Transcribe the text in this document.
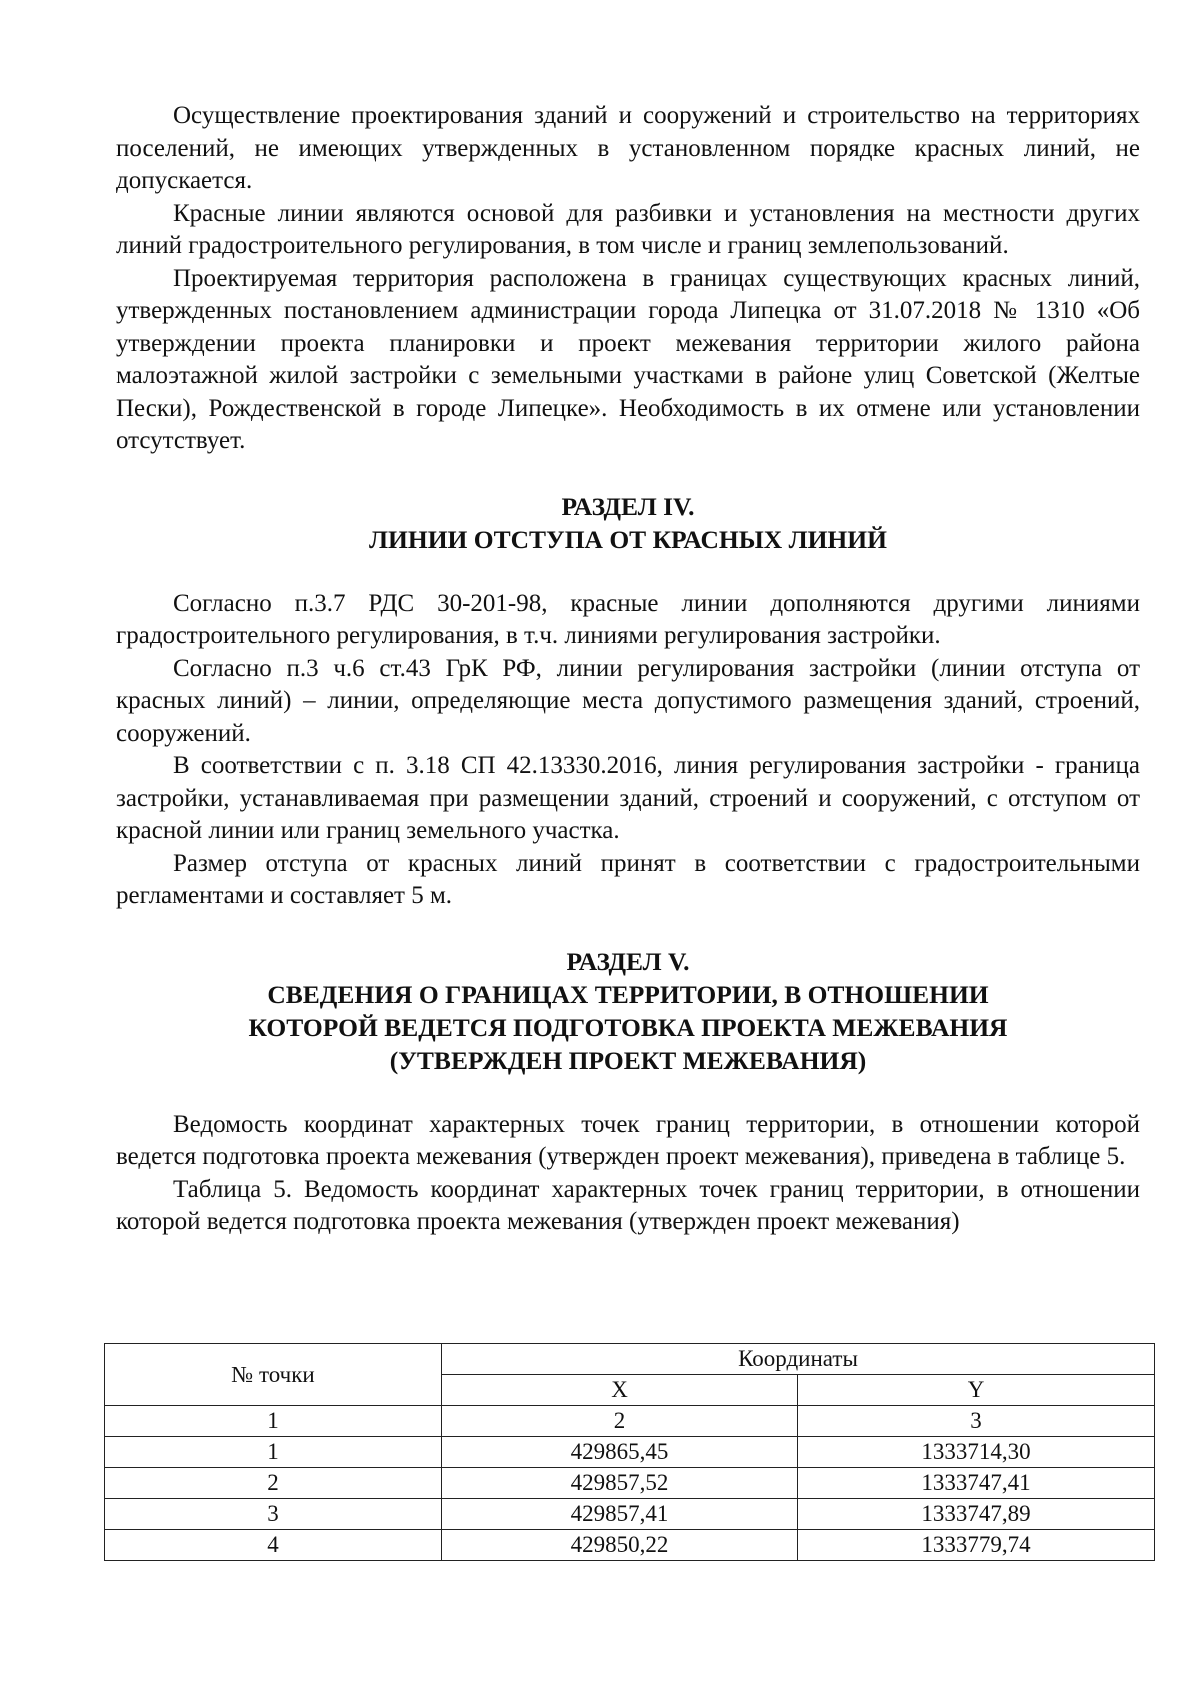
Осуществление проектирования зданий и сооружений и строительство на территориях поселений, не имеющих утвержденных в установленном порядке красных линий, не допускается.

Красные линии являются основой для разбивки и установления на местности других линий градостроительного регулирования, в том числе и границ землепользований.

Проектируемая территория расположена в границах существующих красных линий, утвержденных постановлением администрации города Липецка от 31.07.2018 № 1310 «Об утверждении проекта планировки и проект межевания территории жилого района малоэтажной жилой застройки с земельными участками в районе улиц Советской (Желтые Пески), Рождественской в городе Липецке». Необходимость в их отмене или установлении отсутствует.

РАЗДЕЛ IV.
ЛИНИИ ОТСТУПА ОТ КРАСНЫХ ЛИНИЙ

Согласно п.3.7 РДС 30-201-98, красные линии дополняются другими линиями градостроительного регулирования, в т.ч. линиями регулирования застройки.

Согласно п.3 ч.6 ст.43 ГрК РФ, линии регулирования застройки (линии отступа от красных линий) – линии, определяющие места допустимого размещения зданий, строений, сооружений.

В соответствии с п. 3.18 СП 42.13330.2016, линия регулирования застройки - граница застройки, устанавливаемая при размещении зданий, строений и сооружений, с отступом от красной линии или границ земельного участка.

Размер отступа от красных линий принят в соответствии с градостроительными регламентами и составляет 5 м.

РАЗДЕЛ V.
СВЕДЕНИЯ О ГРАНИЦАХ ТЕРРИТОРИИ, В ОТНОШЕНИИ
КОТОРОЙ ВЕДЕТСЯ ПОДГОТОВКА ПРОЕКТА МЕЖЕВАНИЯ
(УТВЕРЖДЕН ПРОЕКТ МЕЖЕВАНИЯ)

Ведомость координат характерных точек границ территории, в отношении которой ведется подготовка проекта межевания (утвержден проект межевания), приведена в таблице 5.

Таблица 5. Ведомость координат характерных точек границ территории, в отношении которой ведется подготовка проекта межевания (утвержден проект межевания)

№ точки	Координаты	
	X	Y
1	2	3
1	429865,45	1333714,30
2	429857,52	1333747,41
3	429857,41	1333747,89
4	429850,22	1333779,74
